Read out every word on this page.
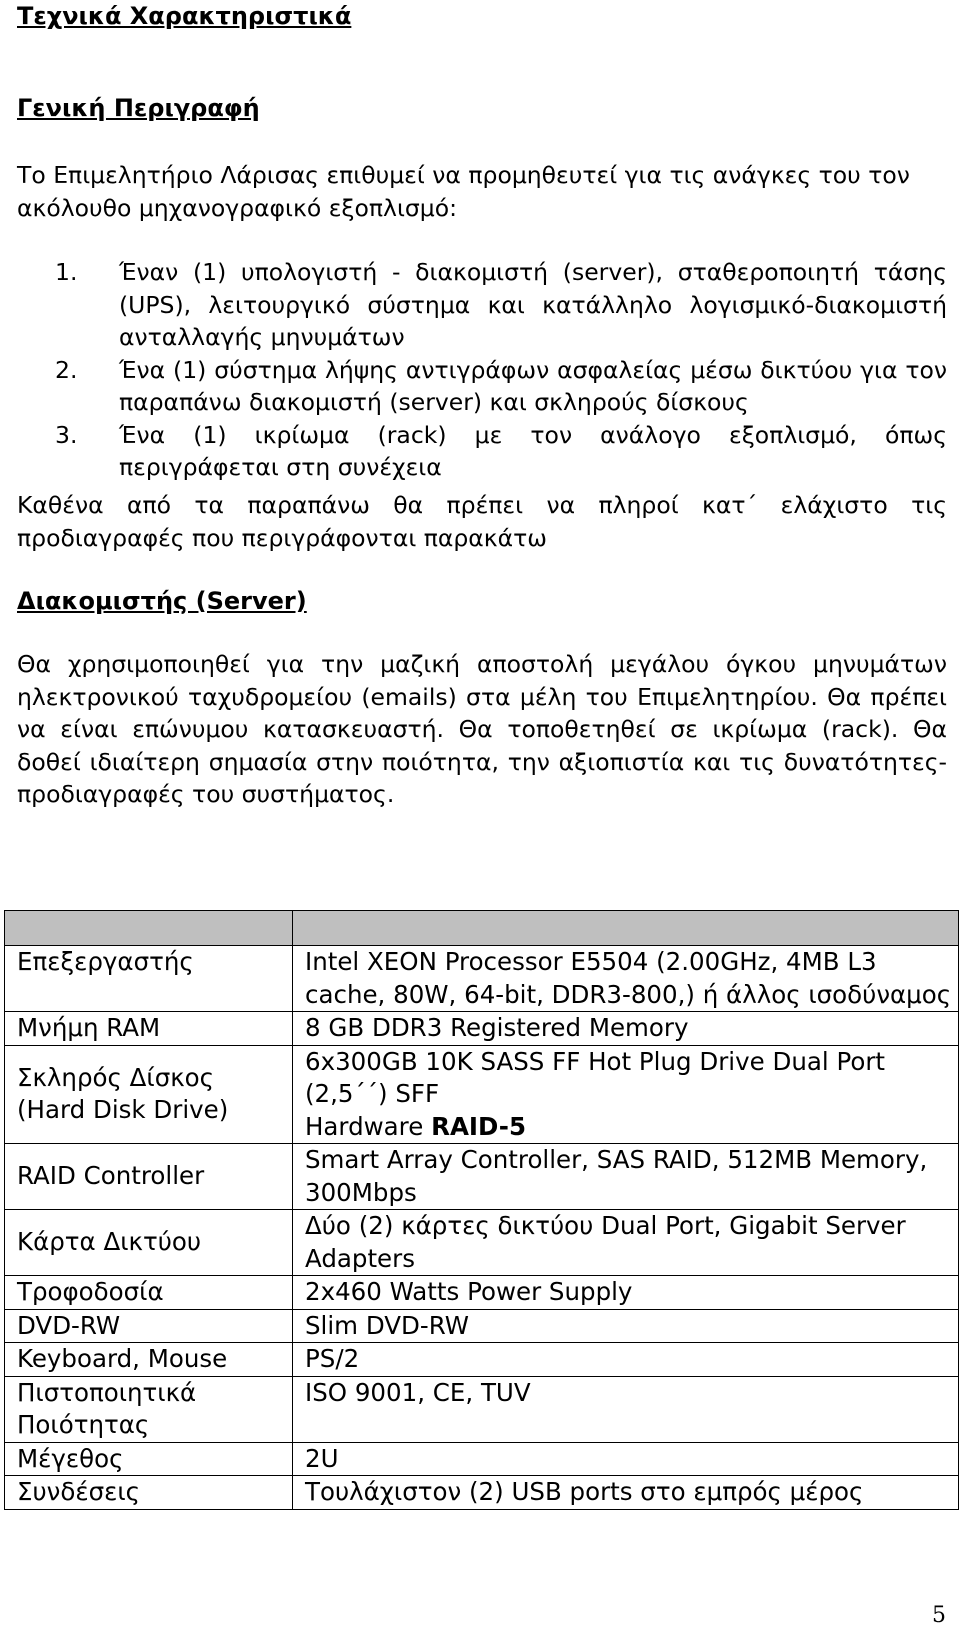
Τεχνικά Χαρακτηριστικά
Γενική Περιγραφή

Το Επιμελητήριο Λάρισας επιθυμεί να προμηθευτεί για τις ανάγκες του τον ακόλουθο μηχανογραφικό εξοπλισμό:

1. Έναν (1) υπολογιστή - διακομιστή (server), σταθεροποιητή τάσης (UPS), λειτουργικό σύστημα και κατάλληλο λογισμικό-διακομιστή ανταλλαγής μηνυμάτων
2. Ένα (1) σύστημα λήψης αντιγράφων ασφαλείας μέσω δικτύου για τον παραπάνω διακομιστή (server) και σκληρούς δίσκους
3. Ένα (1) ικρίωμα (rack) με τον ανάλογο εξοπλισμό, όπως περιγράφεται στη συνέχεια

Καθένα από τα παραπάνω θα πρέπει να πληροί κατ΄ ελάχιστο τις προδιαγραφές που περιγράφονται παρακάτω

Διακομιστής (Server)

Θα χρησιμοποιηθεί για την μαζική αποστολή μεγάλου όγκου μηνυμάτων ηλεκτρονικού ταχυδρομείου (emails) στα μέλη του Επιμελητηρίου. Θα πρέπει να είναι επώνυμου κατασκευαστή. Θα τοποθετηθεί σε ικρίωμα (rack). Θα δοθεί ιδιαίτερη σημασία στην ποιότητα, την αξιοπιστία και τις δυνατότητες-προδιαγραφές του συστήματος.

Επεξεργαστής	Intel XEON Processor E5504 (2.00GHz, 4MB L3 cache, 80W, 64-bit, DDR3-800,) ή άλλος ισοδύναμος
Μνήμη RAM	8 GB DDR3 Registered Memory
Σκληρός Δίσκος (Hard Disk Drive)	6x300GB 10K SASS FF Hot Plug Drive Dual Port (2,5΄΄) SFF
Hardware RAID-5
RAID Controller	Smart Array Controller, SAS RAID, 512MB Memory, 300Mbps
Κάρτα Δικτύου	Δύο (2) κάρτες δικτύου Dual Port, Gigabit Server Adapters
Τροφοδοσία	2x460 Watts Power Supply
DVD-RW	Slim DVD-RW
Keyboard, Mouse	PS/2
Πιστοποιητικά Ποιότητας	ISO 9001, CE, TUV
Μέγεθος	2U
Συνδέσεις	Τουλάχιστον (2) USB ports στο εμπρός μέρος
5
